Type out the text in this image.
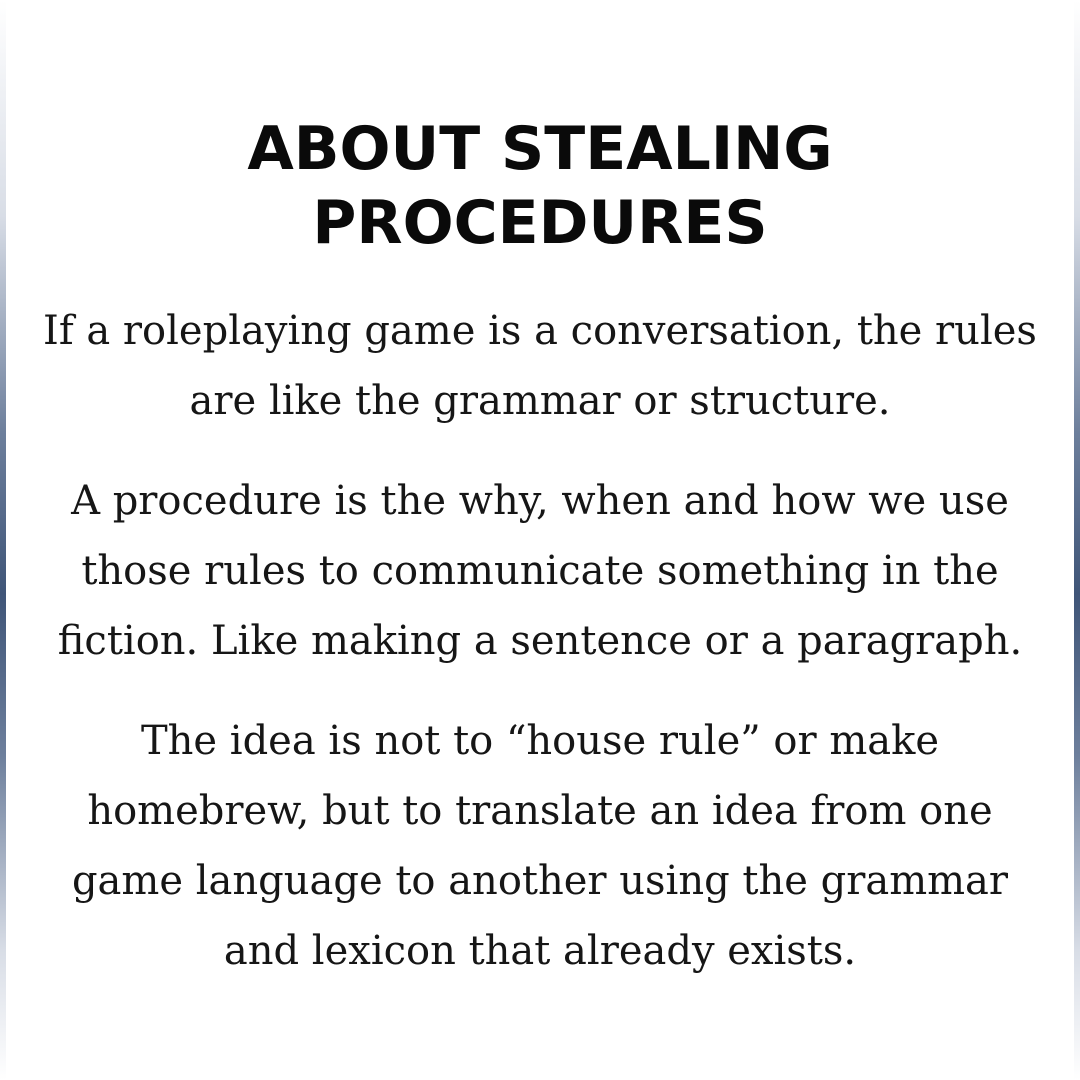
ABOUT STEALING
PROCEDURES

If a roleplaying game is a conversation, the rules are like the grammar or structure.

A procedure is the why, when and how we use those rules to communicate something in the fiction. Like making a sentence or a paragraph.

The idea is not to “house rule” or make homebrew, but to translate an idea from one game language to another using the grammar and lexicon that already exists.
